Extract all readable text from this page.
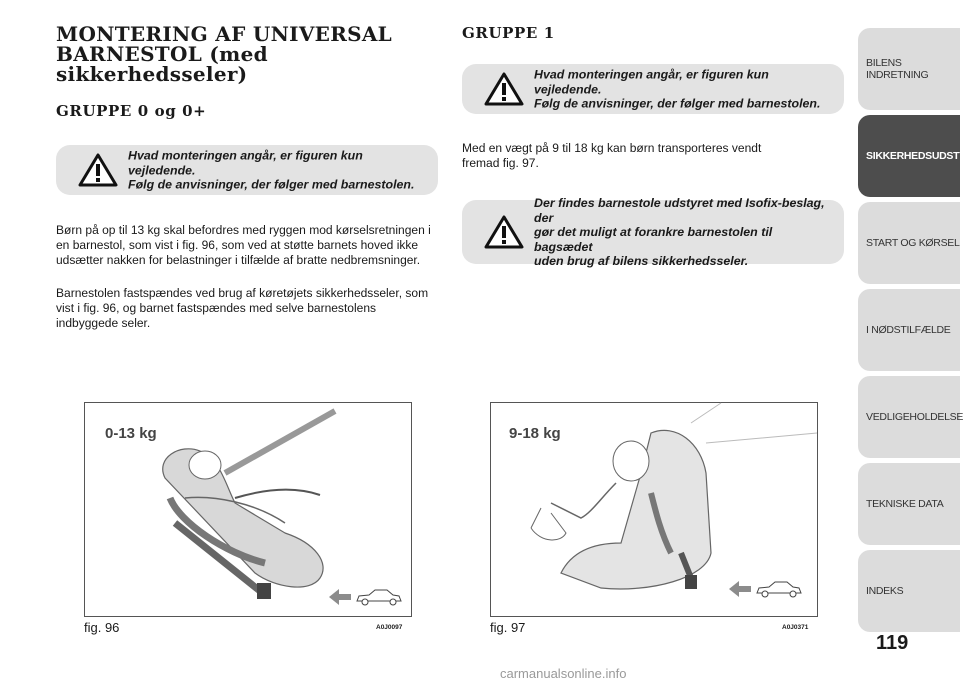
MONTERING AF UNIVERSAL
BARNESTOL (med
sikkerhedsseler)
GRUPPE 0 og 0+
Hvad monteringen angår, er figuren kun vejledende.
Følg de anvisninger, der følger med barnestolen.
Børn på op til 13 kg skal befordres med ryggen mod kørselsretningen i
en barnestol, som vist i fig. 96, som ved at støtte barnets hoved ikke
udsætter nakken for belastninger i tilfælde af bratte nedbremsninger.
Barnestolen fastspændes ved brug af køretøjets sikkerhedsseler, som
vist i fig. 96, og barnet fastspændes med selve barnestolens
indbyggede seler.
0-13 kg
fig. 96	A0J0097
GRUPPE 1
Hvad monteringen angår, er figuren kun vejledende.
Følg de anvisninger, der følger med barnestolen.
Med en vægt på 9 til 18 kg kan børn transporteres vendt
fremad fig. 97.
Der findes barnestole udstyret med Isofix-beslag, der
gør det muligt at forankre barnestolen til bagsædet
uden brug af bilens sikkerhedsseler.
9-18 kg
fig. 97	A0J0371
BILENS INDRETNING
SIKKERHEDSUDSTYR
START OG KØRSEL
I NØDSTILFÆLDE
VEDLIGEHOLDELSE
TEKNISKE DATA
INDEKS
119
carmanualsonline.info
